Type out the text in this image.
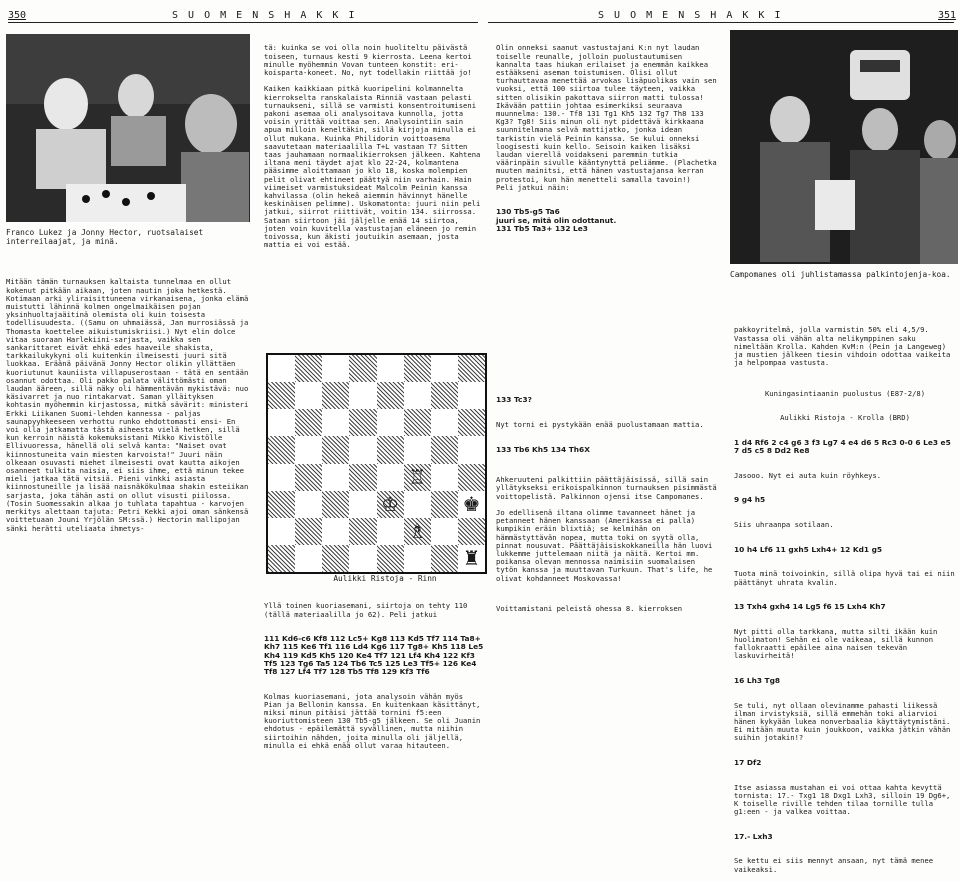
350	S U O M E N S H A K K I	S U O M E N S H A K K I	351
Franco Lukez ja Jonny Hector, ruotsalaiset interreilaajat, ja minä.

Mitään tämän turnauksen kaltaista tunnelmaa en ollut kokenut pitkään aikaan, joten nautin joka hetkestä. Kotimaan arki yliraisittuneena virkanaisena, jonka elämä muistutti lähinnä kolmen ongelmaikäisen pojan yksinhuoltajaäitinä olemista oli kuin toisesta todellisuudesta. ((Samu on uhmaiässä, Jan murrosiässä ja Thomasta koettelee aikuistumiskriisi.) Nyt elin dolce vitaa suoraan Harlekiini-sarjasta, vaikka sen sankarittaret eivät ehkä edes haaveile shakista, tarkkailukykyni oli kuitenkin ilmeisesti juuri sitä luokkaa. Eräänä päivänä Jonny Hector olikin yllättäen kuoriutunut kauniista villapuserostaan - tätä en sentään osannut odottaa. Oli pakko palata välittömästi oman laudan ääreen, sillä näky oli hämmentävän mykistävä: nuo käsivarret ja nuo rintakarvat. Saman ylläityksen kohtasin myöhemmin kirjastossa, mitkä sävärit: ministeri Erkki Liikanen Suomi-lehden kannessa - paljas saunapyyhkeeseen verhottu runko ehdottomasti ensi- En voi olla jatkamatta tästä aiheesta vielä hetken, sillä kun kerroin näistä kokemuksistani Mikko Kivistölle Ellivuoressa, hänellä oli selvä kanta: "Naiset ovat kiinnostuneita vain miesten karvoista!" Juuri näin olkeaan osuvasti miehet ilmeisesti ovat kautta aikojen osanneet tulkita naisia, ei siis ihme, että minun tekee mieli jatkaa tätä vitsiä. Pieni vinkki asiasta kiinnostuneille ja lisää naisnäkökulmaa shakin esteiikan sarjasta, joka tähän asti on ollut visusti piilossa. (Tosin Suomessakin alkaa jo tuhlata tapahtua - karvojen merkitys alettaan tajuta: Petri Kekki ajoi oman sänkensä voittetuaan Jouni Yrjölän SM:ssä.) Hectorin mallipojan sänki herätti uteliaata ihmetys-

tä: kuinka se voi olla noin huoliteltu päivästä toiseen, turnaus kesti 9 kierrosta. Leena kertoi minulle myöhemmin Vovan tunteen konstit: eri-koisparta-koneet. No, nyt todellakin riittää jo!

Kaiken kaikkiaan pitkä kuoripelini kolmannelta kierrokselta ranskalaista Rinniä vastaan pelasti turnaukseni, sillä se varmisti konsentroitumiseni pakoni asemaa oli analysoitava kunnolla, jotta voisin yrittää voittaa sen. Analysointiin sain apua milloin keneltäkin, sillä kirjoja minulla ei ollut mukana. Kuinka Philidorin voittoasema saavutetaan materiaalilla T+L vastaan T? Sitten taas jauhamaan normaalikierroksen jälkeen. Kahtena iltana meni täydet ajat klo 22-24, kolmantena pääsimme aloittamaan jo klo 18, koska molempien pelit olivat ehtineet päättyä niin varhain. Hain viimeiset varmistuksideat Malcolm Peinin kanssa kahvilassa (olin hekeä aiemmin hävinnyt hänelle keskinäisen pelimme). Uskomatonta: juuri niin peli jatkui, siirrot riittivät, voitin 134. siirrossa. Sataan siirtoon jäi jäljelle enää 14 siirtoa, joten voin kuvitella vastustajan eläneen jo remin toivossa, kun äkisti joutuikin asemaan, josta mattia ei voi estää.

♖
♔	♚
♗
♜
Aulikki Ristoja - Rinn

Yllä toinen kuoriasemani, siirtoja on tehty 110 (tällä materiaalilla jo 62). Peli jatkui

111 Kd6-c6 Kf8 112 Lc5+ Kg8 113 Kd5 Tf7 114 Ta8+ Kh7 115 Ke6 Tf1 116 Ld4 Kg6 117 Tg8+ Kh5 118 Le5 Kh4 119 Kd5 Kh5 120 Ke4 Tf7 121 Lf4 Kh4 122 Kf3 Tf5 123 Tg6 Ta5 124 Tb6 Tc5 125 Le3 Tf5+ 126 Ke4 Tf8 127 Lf4 Tf7 128 Tb5 Tf8 129 Kf3 Tf6

Kolmas kuoriasemani, jota analysoin vähän myös Pian ja Bellonin kanssa. En kuitenkaan käsittänyt, miksi minun pitäisi jättää tornini f5:een kuoriuttomisteen 130 Tb5-g5 jälkeen. Se oli Juanin ehdotus - epäilemättä syvällinen, mutta niihin siirtoihin nähden, joita minulla oli jäljellä, minulla ei ehkä enää ollut varaa hitauteen.

Olin onneksi saanut vastustajani K:n nyt laudan toiselle reunalle, jolloin puolustautumisen kannalta taas hiukan erilaiset ja enemmän kaikkea estääkseni aseman toistumisen. Olisi ollut turhauttavaa menettää arvokas lisäpuolikas vain sen vuoksi, että 100 siirtoa tulee täyteen, vaikka sitten olisikin pakottava siirron matti tulossa! Ikävään pattiin johtaa esimerkiksi seuraava muunnelma: 130.- Tf8 131 Tg1 Kh5 132 Tg7 Th8 133 Kg3? Tg8! Siis minun oli nyt pidettävä kirkkaana suunnitelmana selvä mattijatko, jonka idean tarkistin vielä Peinin kanssa. Se kului onneksi loogisesti kuin kello. Seisoin kaiken lisäksi laudan vierellä voidakseni paremmin tutkia väärinpäin sivulle kääntynyttä peliämme. (Plachetka muuten mainitsi, että hänen vastustajansa kerran protestoi, kun hän menetteli samalla tavoin!)
Peli jatkui näin:

130 Tb5-g5 Ta6
juuri se, mitä olin odottanut.
131 Tb5 Ta3+ 132 Le3

133 Tc3?

Nyt torni ei pystykään enää puolustamaan mattia.

133 Tb6 Kh5 134 Th6X

Ahkeruuteni palkittiin päättäjäisissä, sillä sain yllätykseksi erikoispalkinnon turnauksen pisimmästä voittopelistä. Palkinnon ojensi itse Campomanes.

Jo edellisenä iltana olimme tavanneet hänet ja petanneet hänen kanssaan (Amerikassa ei palla) kumpikin eräin blixtiä; se kelmihän on hämmästyttävän nopea, mutta toki on syytä olla, pinnat nousuvat. Päättäjäisiskokkaneilla hän luovi lukkemme juttelemaan niitä ja näitä. Kertoi mm. poikansa olevan mennossa naimisiin suomalaisen tytön kanssa ja muuttavan Turkuun. That's life, he olivat kohdanneet Moskovassa!

Voittamistani peleistä ohessa 8. kierroksen

Campomanes oli juhlistamassa palkintojenja-koa.

pakkoyritelmä, jolla varmistin 50% eli 4,5/9. Vastassa oli vähän alta nelikymppinen saku nimeltään Krolla. Kahden KvM:n (Pein ja Langeweg) ja mustien jälkeen tiesin vihdoin odottaa vaikeita ja helpompaa vastusta.

Kuningasintiaanin puolustus (E87-2/8)

Aulikki Ristoja - Krolla (BRD)

1 d4 Rf6 2 c4 g6 3 f3 Lg7 4 e4 d6 5 Rc3 0-0 6 Le3 e5 7 d5 c5 8 Dd2 Re8

Jasooo. Nyt ei auta kuin röyhkeys.

9 g4 h5

Siis uhraanpa sotilaan.

10 h4 Lf6 11 gxh5 Lxh4+ 12 Kd1 g5

Tuota minä toivoinkin, sillä olipa hyvä tai ei niin päättänyt uhrata kvalin.

13 Txh4 gxh4 14 Lg5 f6 15 Lxh4 Kh7

Nyt pitti olla tarkkana, mutta silti ikään kuin huolimaton! Sehän ei ole vaikeaa, sillä kunnon fallokraatti epäilee aina naisen tekevän laskuvirheitä!

16 Lh3 Tg8

Se tuli, nyt ollaan olevinamme pahasti liikessä ilman irvistyksiä, sillä emmehän toki aliarvioi hänen kykyään lukea nonverbaalia käyttäytymistäni. Ei mitään muuta kuin joukkoon, vaikka jätkin vähän suihin jotakin!?

17 Df2

Itse asiassa mustahan ei voi ottaa kahta kevyttä tornista: 17.- Txg1 18 Dxg1 Lxh3, silloin 19 Dg6+, K toiselle riville tehden tilaa tornille tulla g1:een - ja valkea voittaa.

17.- Lxh3

Se kettu ei siis mennyt ansaan, nyt tämä menee vaikeaksi.
